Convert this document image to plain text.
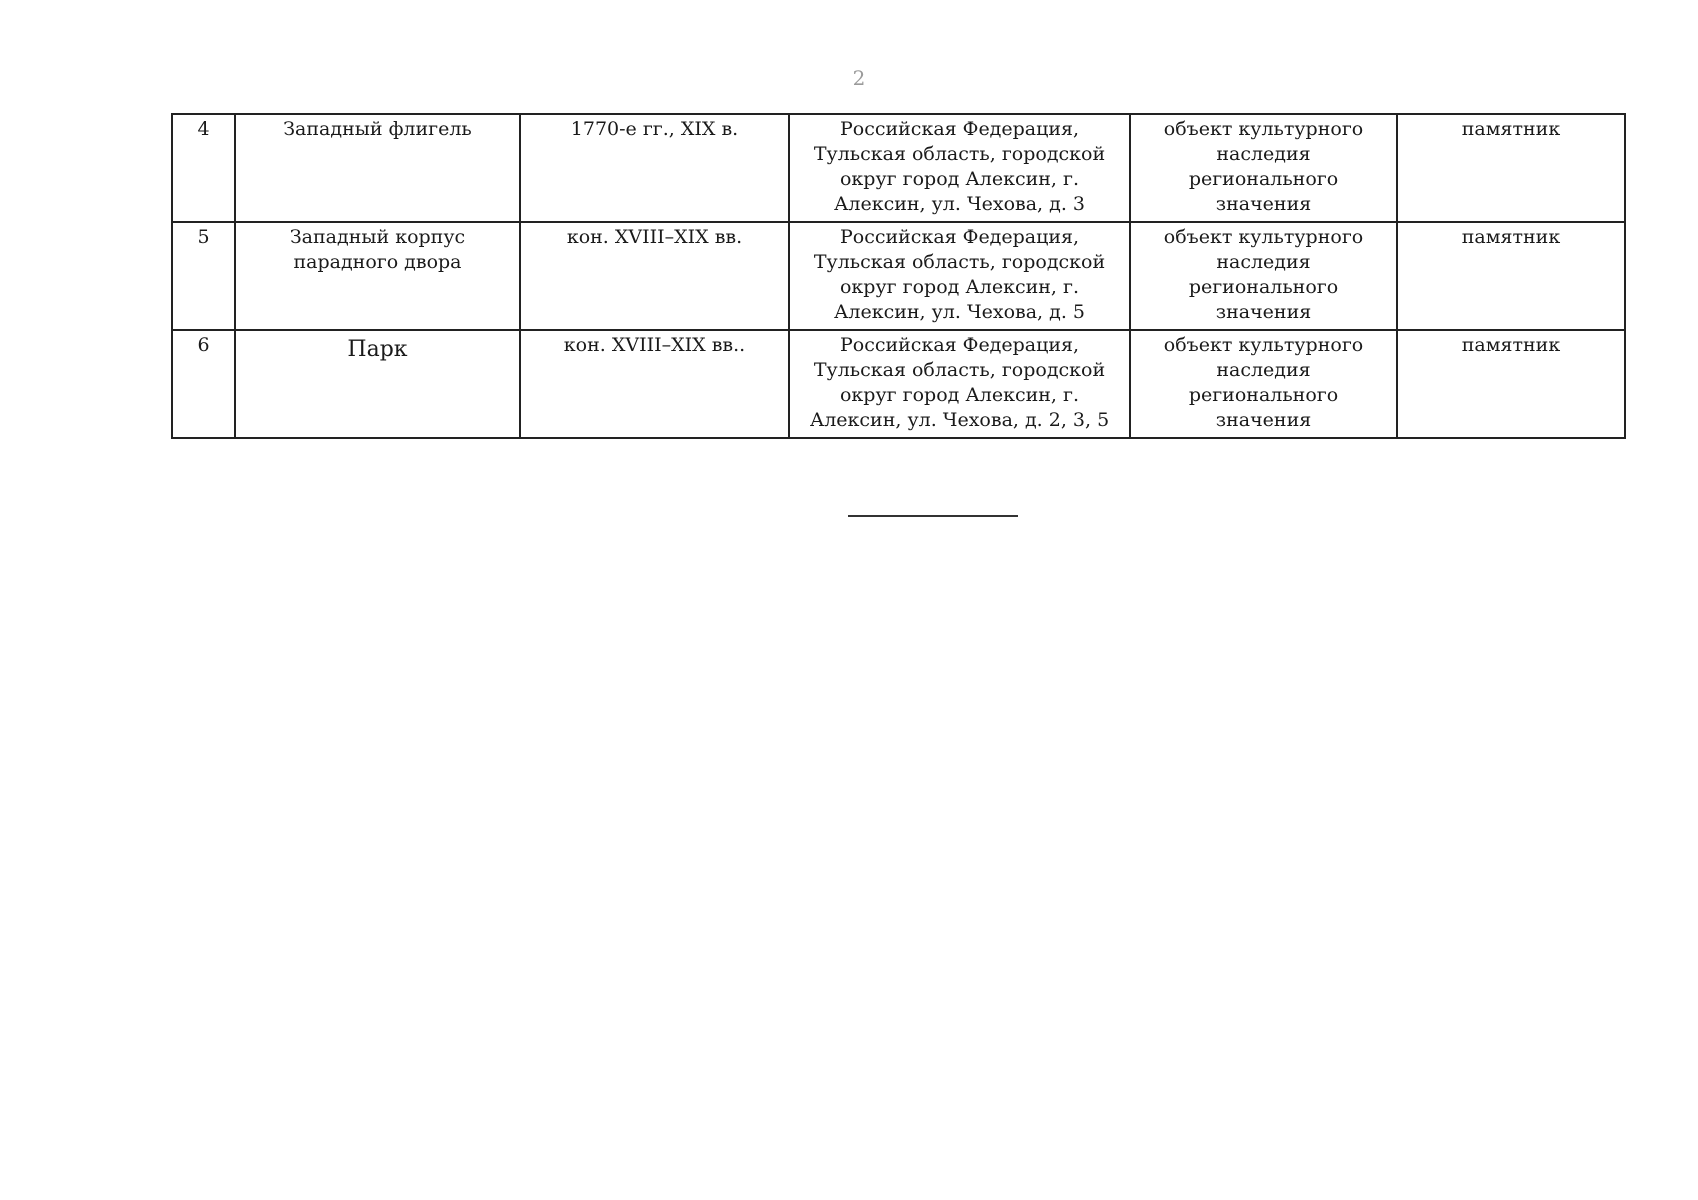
2
4	Западный флигель	1770-е гг., XIX в.	Российская Федерация, Тульская область, городской округ город Алексин, г. Алексин, ул. Чехова, д. 3	объект культурного наследия регионального значения	памятник
5	Западный корпус парадного двора	кон. XVIII–XIX вв.	Российская Федерация, Тульская область, городской округ город Алексин, г. Алексин, ул. Чехова, д. 5	объект культурного наследия регионального значения	памятник
6	Парк	кон. XVIII–XIX вв..	Российская Федерация, Тульская область, городской округ город Алексин, г. Алексин, ул. Чехова, д. 2, 3, 5	объект культурного наследия регионального значения	памятник
